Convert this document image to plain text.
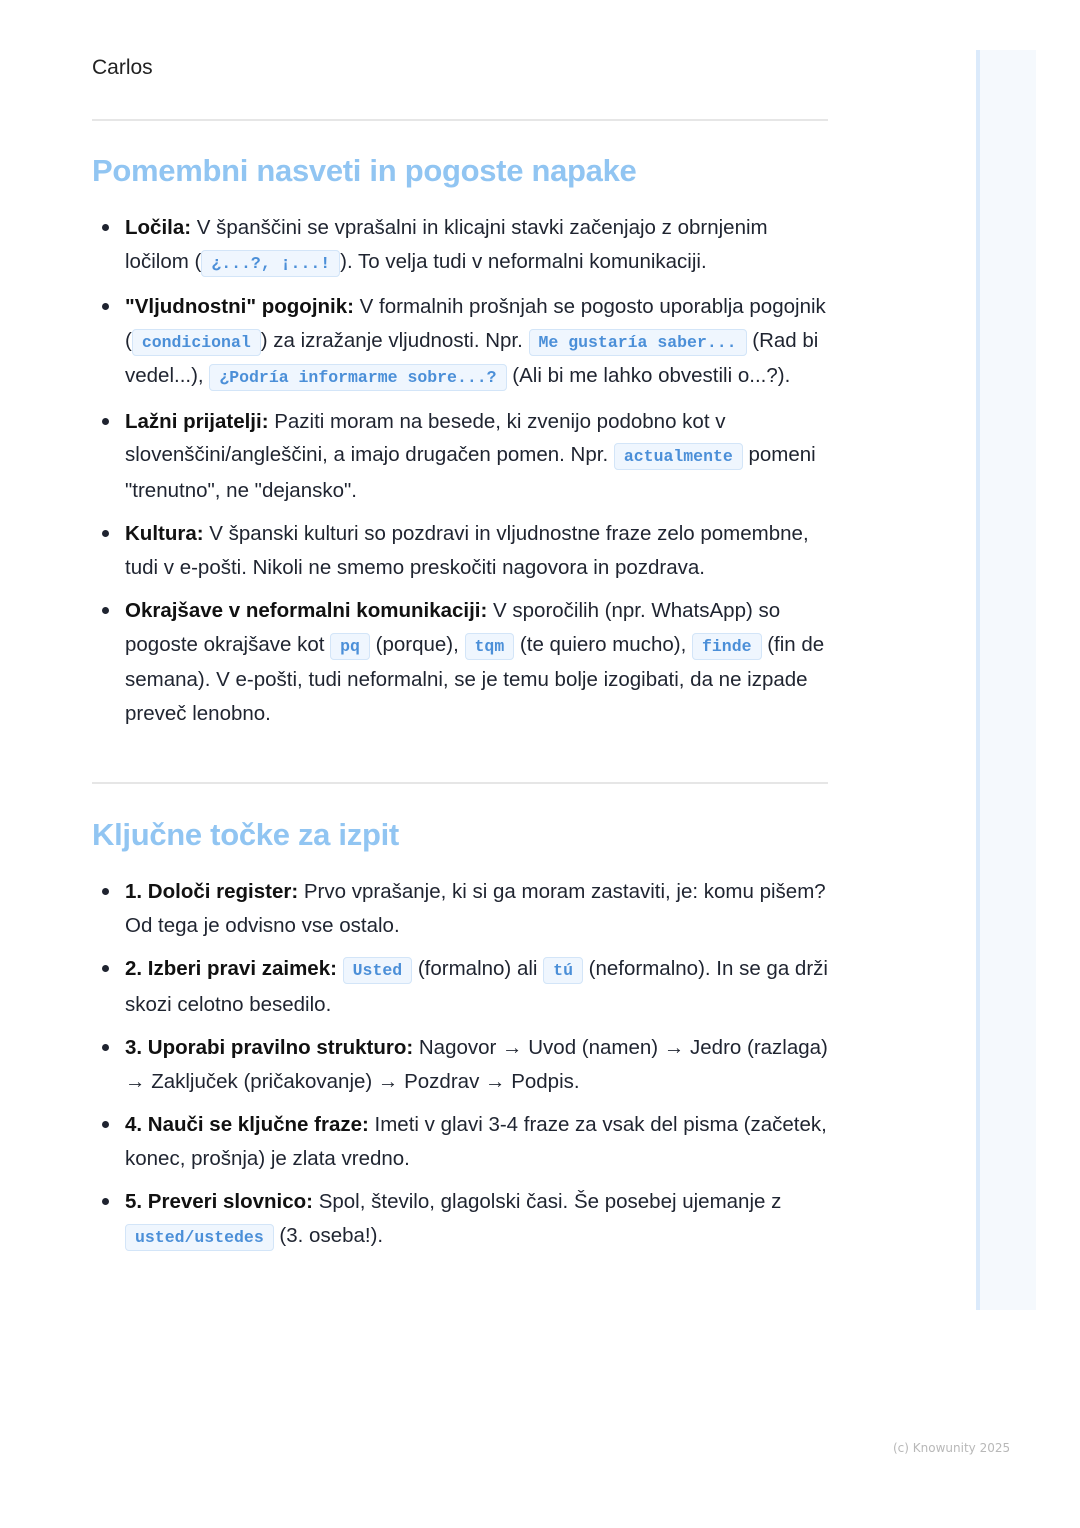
Carlos
Pomembni nasveti in pogoste napake
Ločila: V španščini se vprašalni in klicajni stavki začenjajo z obrnjenim ločilom ( ¿...?, ¡...! ). To velja tudi v neformalni komunikaciji.
"Vljudnostni" pogojnik: V formalnih prošnjah se pogosto uporablja pogojnik ( condicional ) za izražanje vljudnosti. Npr. Me gustaría saber... (Rad bi vedel...), ¿Podría informarme sobre...? (Ali bi me lahko obvestili o...?).
Lažni prijatelji: Paziti moram na besede, ki zvenijo podobno kot v slovenščini/angleščini, a imajo drugačen pomen. Npr. actualmente pomeni "trenutno", ne "dejansko".
Kultura: V španski kulturi so pozdravi in vljudnostne fraze zelo pomembne, tudi v e-pošti. Nikoli ne smemo preskočiti nagovora in pozdrava.
Okrajšave v neformalni komunikaciji: V sporočilih (npr. WhatsApp) so pogoste okrajšave kot pq (porque), tqm (te quiero mucho), finde (fin de semana). V e-pošti, tudi neformalni, se je temu bolje izogibati, da ne izpade preveč lenobno.
Ključne točke za izpit
1. Določi register: Prvo vprašanje, ki si ga moram zastaviti, je: komu pišem? Od tega je odvisno vse ostalo.
2. Izberi pravi zaimek: Usted (formalno) ali tú (neformalno). In se ga drži skozi celotno besedilo.
3. Uporabi pravilno strukturo: Nagovor → Uvod (namen) → Jedro (razlaga) → Zaključek (pričakovanje) → Pozdrav → Podpis.
4. Nauči se ključne fraze: Imeti v glavi 3-4 fraze za vsak del pisma (začetek, konec, prošnja) je zlata vredno.
5. Preveri slovnico: Spol, število, glagolski časi. Še posebej ujemanje z usted/ustedes (3. oseba!).
(c) Knowunity 2025
